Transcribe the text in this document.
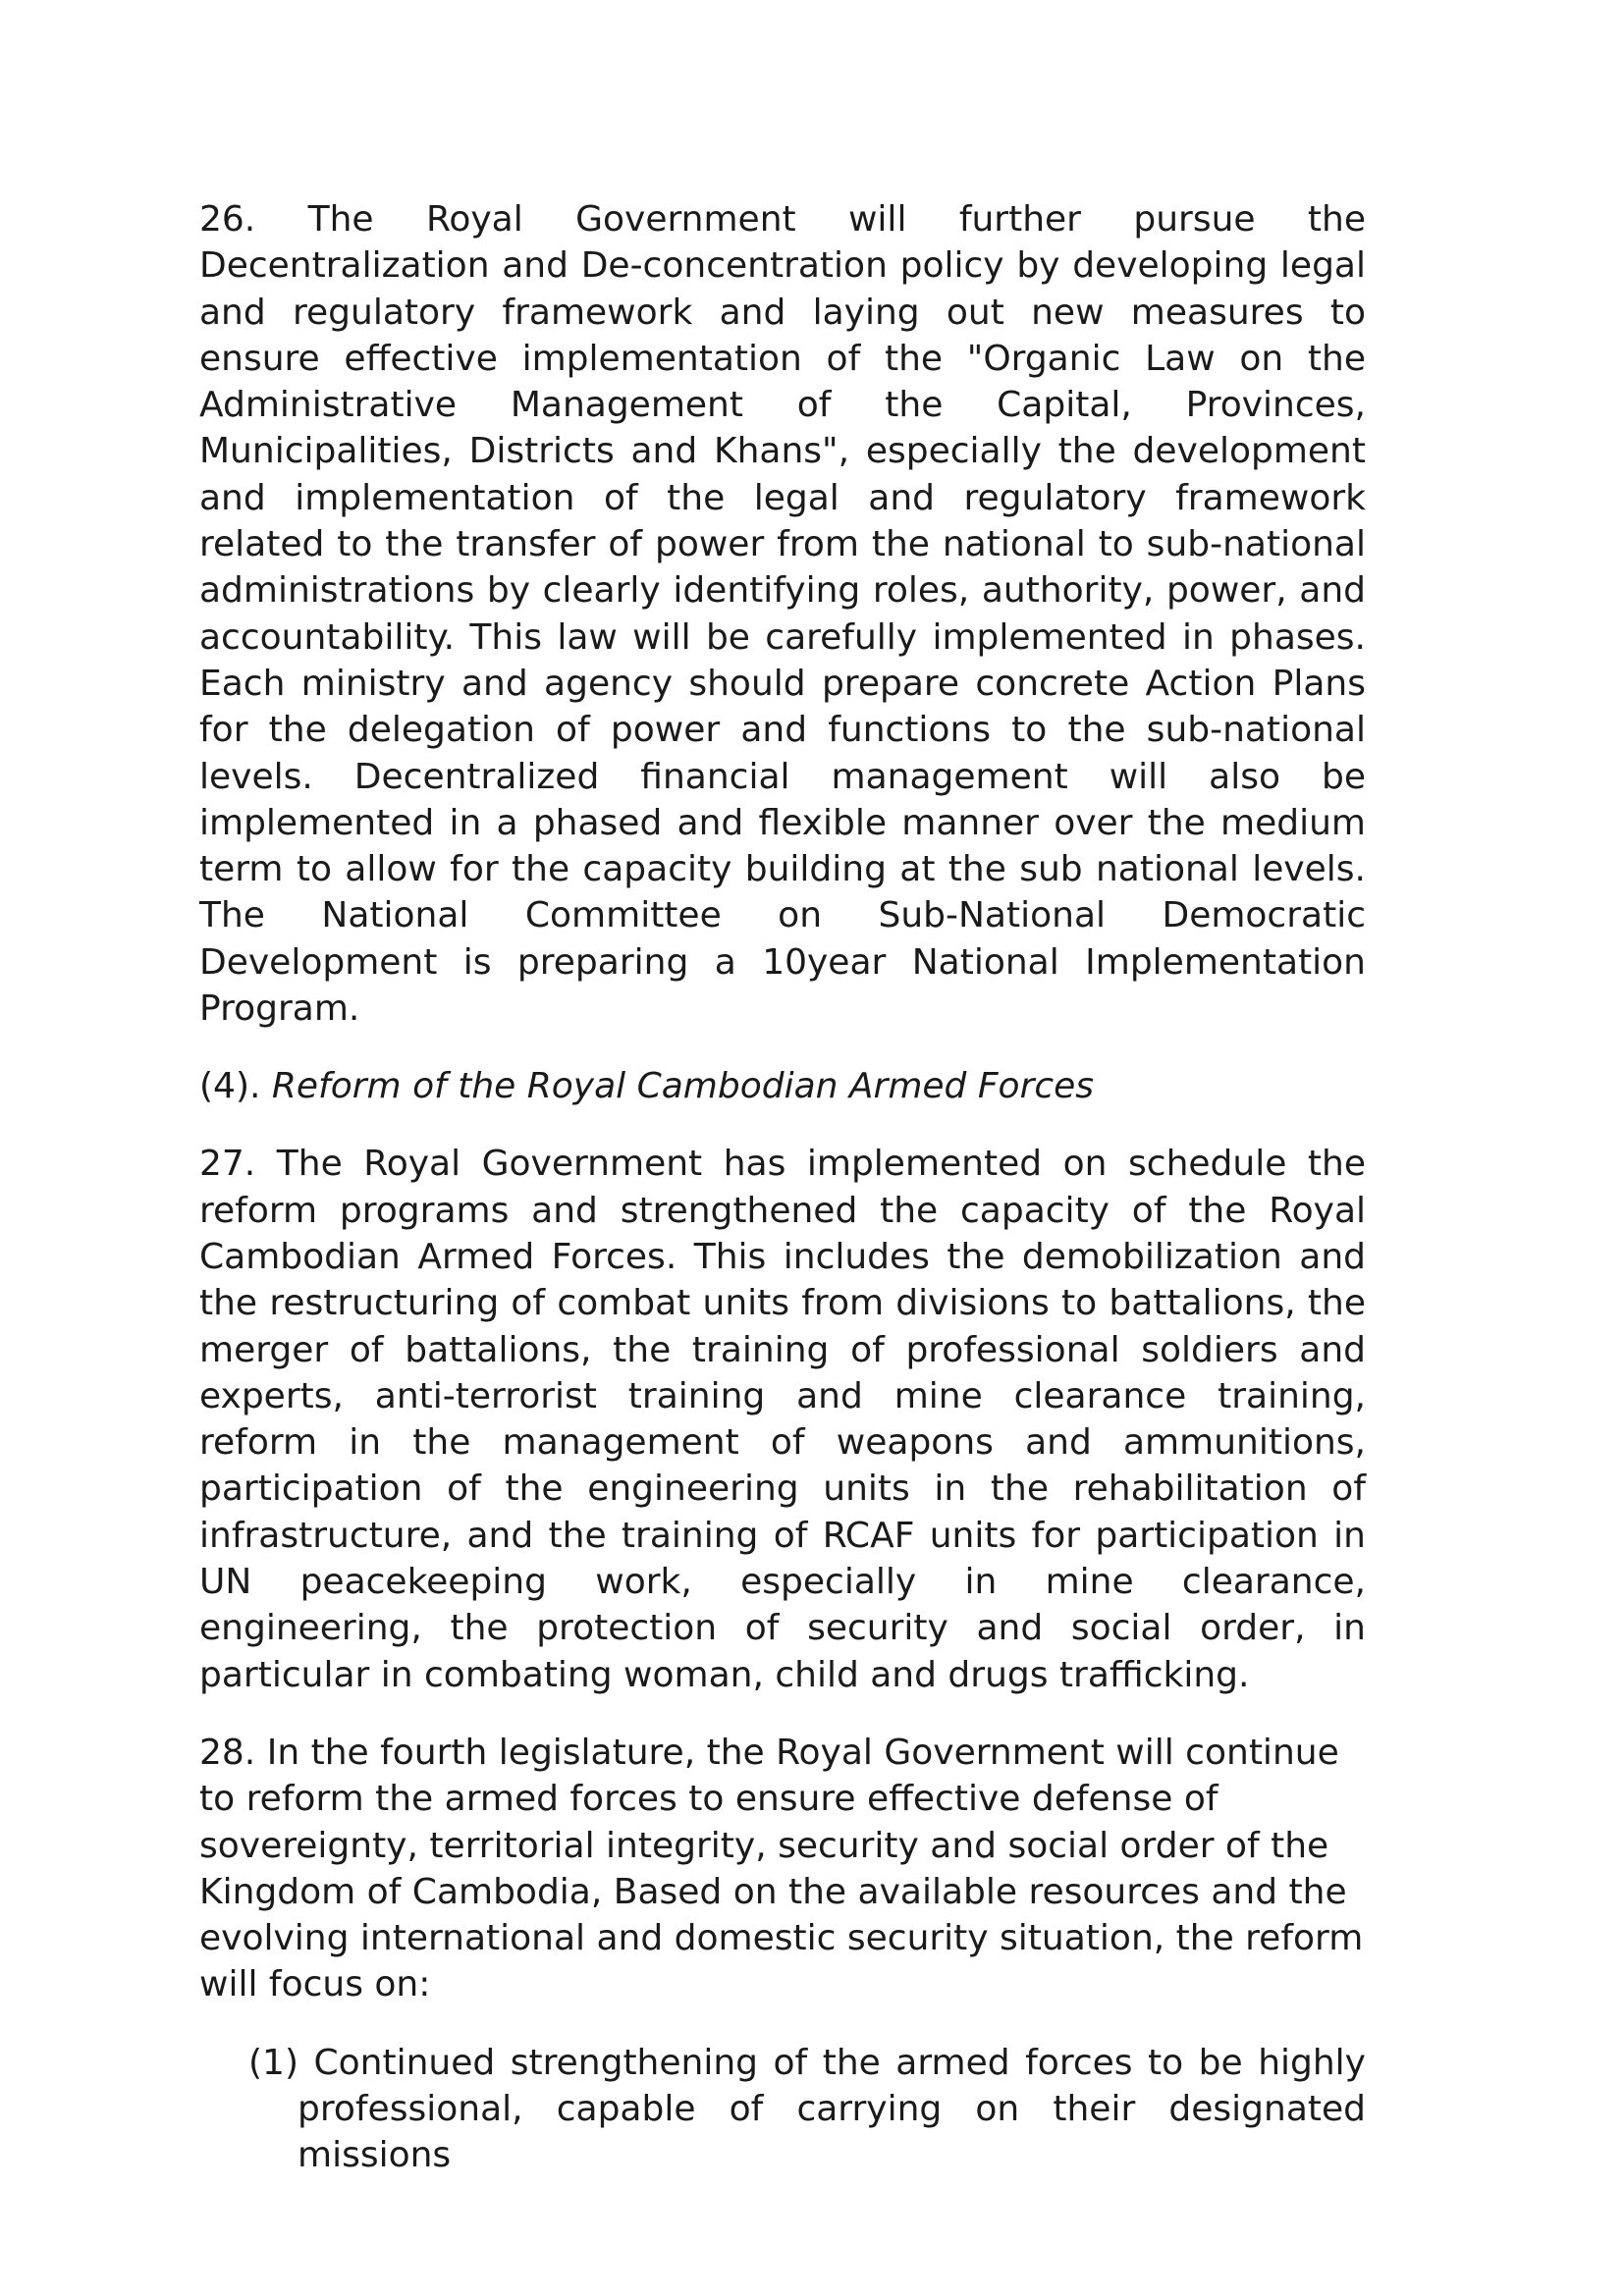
26. The Royal Government will further pursue the Decentralization and De-concentration policy by developing legal and regulatory framework and laying out new measures to ensure effective implementation of the "Organic Law on the Administrative Management of the Capital, Provinces, Municipalities, Districts and Khans", especially the development and implementation of the legal and regulatory framework related to the transfer of power from the national to sub-national administrations by clearly identifying roles, authority, power, and accountability. This law will be carefully implemented in phases. Each ministry and agency should prepare concrete Action Plans for the delegation of power and functions to the sub-national levels. Decentralized financial management will also be implemented in a phased and flexible manner over the medium term to allow for the capacity building at the sub national levels. The National Committee on Sub-National Democratic Development is preparing a 10year National Implementation Program.

(4). Reform of the Royal Cambodian Armed Forces

27. The Royal Government has implemented on schedule the reform programs and strengthened the capacity of the Royal Cambodian Armed Forces. This includes the demobilization and the restructuring of combat units from divisions to battalions, the merger of battalions, the training of professional soldiers and experts, anti-terrorist training and mine clearance training, reform in the management of weapons and ammunitions, participation of the engineering units in the rehabilitation of infrastructure, and the training of RCAF units for participation in UN peacekeeping work, especially in mine clearance, engineering, the protection of security and social order, in particular in combating woman, child and drugs trafficking.

28. In the fourth legislature, the Royal Government will continue to reform the armed forces to ensure effective defense of sovereignty, territorial integrity, security and social order of the Kingdom of Cambodia, Based on the available resources and the evolving international and domestic security situation, the reform will focus on:

(1) Continued strengthening of the armed forces to be highly professional, capable of carrying on their designated missions
